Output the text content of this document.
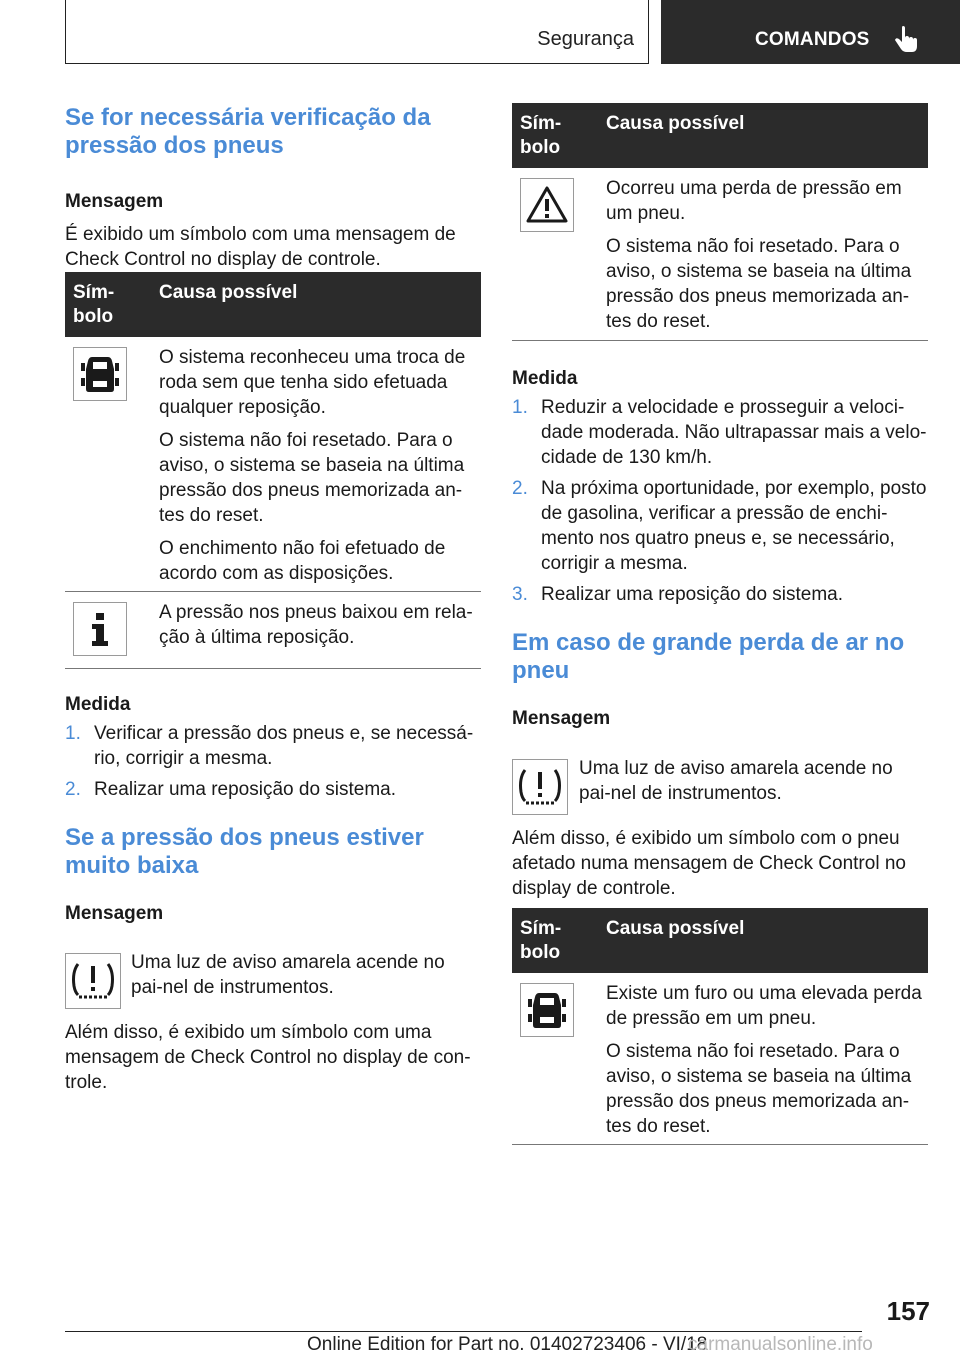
Segurança	COMANDOS
Se for necessária verificação da pressão dos pneus
Mensagem

É exibido um símbolo com uma mensagem de Check Control no display de controle.

Sím-bolo
Causa possível

O sistema reconheceu uma troca de roda sem que tenha sido efetuada qualquer reposição.

O sistema não foi resetado. Para o aviso, o sistema se baseia na última pressão dos pneus memorizada an-tes do reset.

O enchimento não foi efetuado de acordo com as disposições.

A pressão nos pneus baixou em rela-ção à última reposição.

Medida
1. Verificar a pressão dos pneus e, se necessá-rio, corrigir a mesma.
2. Realizar uma reposição do sistema.
Se a pressão dos pneus estiver muito baixa
Mensagem

Uma luz de aviso amarela acende no pai-nel de instrumentos.

Além disso, é exibido um símbolo com uma mensagem de Check Control no display de con-trole.

Sím-bolo
Causa possível

Ocorreu uma perda de pressão em um pneu.

O sistema não foi resetado. Para o aviso, o sistema se baseia na última pressão dos pneus memorizada an-tes do reset.

Medida
1. Reduzir a velocidade e prosseguir a veloci-dade moderada. Não ultrapassar mais a velo-cidade de 130 km/h.
2. Na próxima oportunidade, por exemplo, posto de gasolina, verificar a pressão de enchi-mento nos quatro pneus e, se necessário, corrigir a mesma.
3. Realizar uma reposição do sistema.
Em caso de grande perda de ar no pneu
Mensagem

Uma luz de aviso amarela acende no pai-nel de instrumentos.

Além disso, é exibido um símbolo com o pneu afetado numa mensagem de Check Control no display de controle.

Sím-bolo
Causa possível

Existe um furo ou uma elevada perda de pressão em um pneu.

O sistema não foi resetado. Para o aviso, o sistema se baseia na última pressão dos pneus memorizada an-tes do reset.

157
Online Edition for Part no. 01402723406 - VI/18
carmanualsonline.info
